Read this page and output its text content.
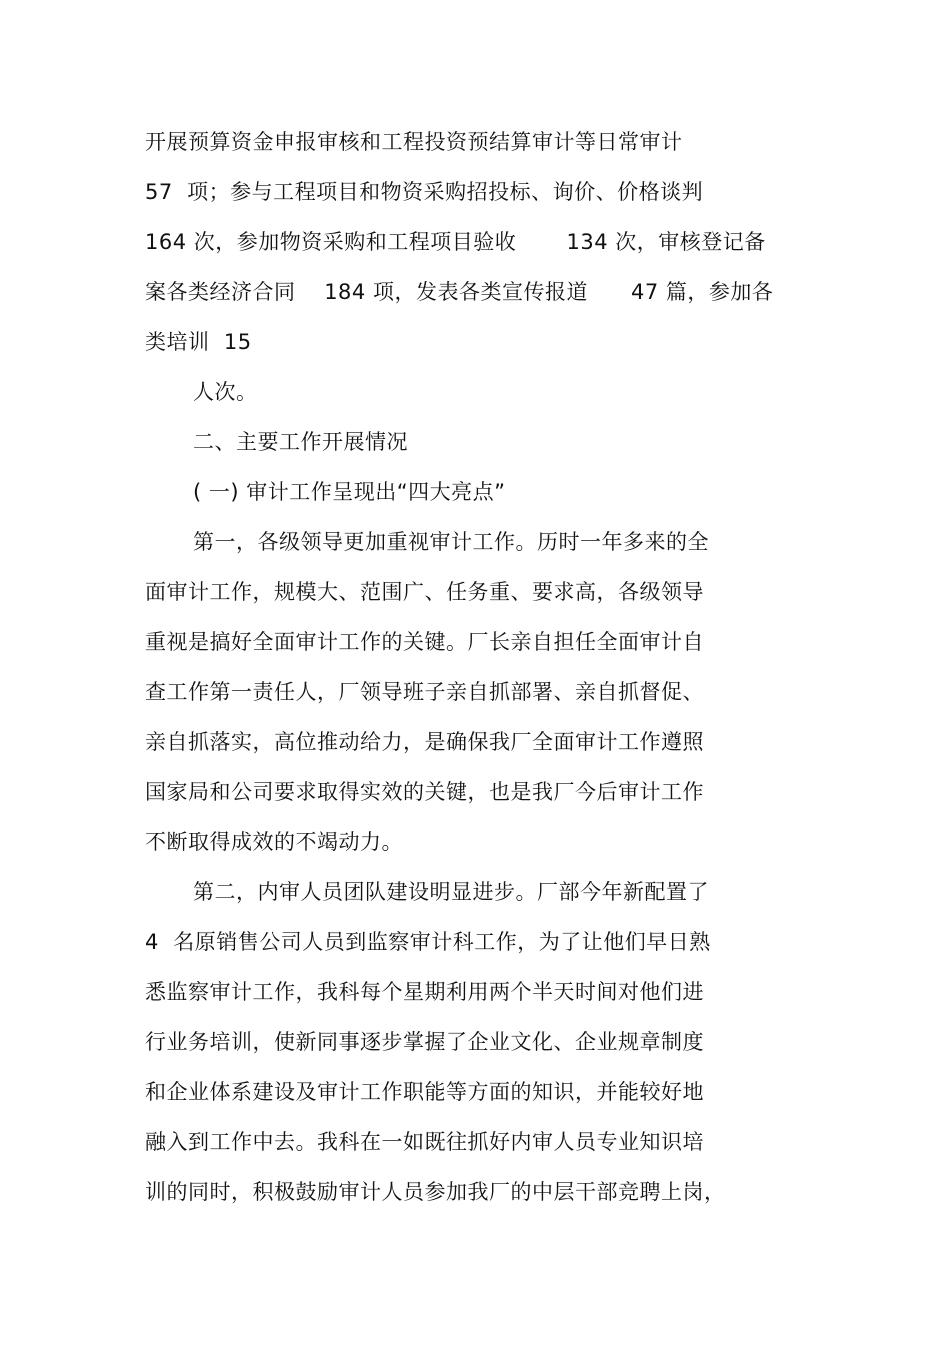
开展预算资金申报审核和工程投资预结算审计等日常审计
57  项；参与工程项目和物资采购招投标、询价、价格谈判
164 次，参加物资采购和工程项目验收       134 次，审核登记备
案各类经济合同    184 项，发表各类宣传报道      47 篇，参加各
类培训  15
人次。
二、主要工作开展情况
( 一) 审计工作呈现出“四大亮点”
第一，各级领导更加重视审计工作。历时一年多来的全
面审计工作，规模大、范围广、任务重、要求高，各级领导
重视是搞好全面审计工作的关键。厂长亲自担任全面审计自
查工作第一责任人，厂领导班子亲自抓部署、亲自抓督促、
亲自抓落实，高位推动给力，是确保我厂全面审计工作遵照
国家局和公司要求取得实效的关键，也是我厂今后审计工作
不断取得成效的不竭动力。
第二，内审人员团队建设明显进步。厂部今年新配置了
4  名原销售公司人员到监察审计科工作，为了让他们早日熟
悉监察审计工作，我科每个星期利用两个半天时间对他们进
行业务培训，使新同事逐步掌握了企业文化、企业规章制度
和企业体系建设及审计工作职能等方面的知识，并能较好地
融入到工作中去。我科在一如既往抓好内审人员专业知识培
训的同时，积极鼓励审计人员参加我厂的中层干部竞聘上岗，
